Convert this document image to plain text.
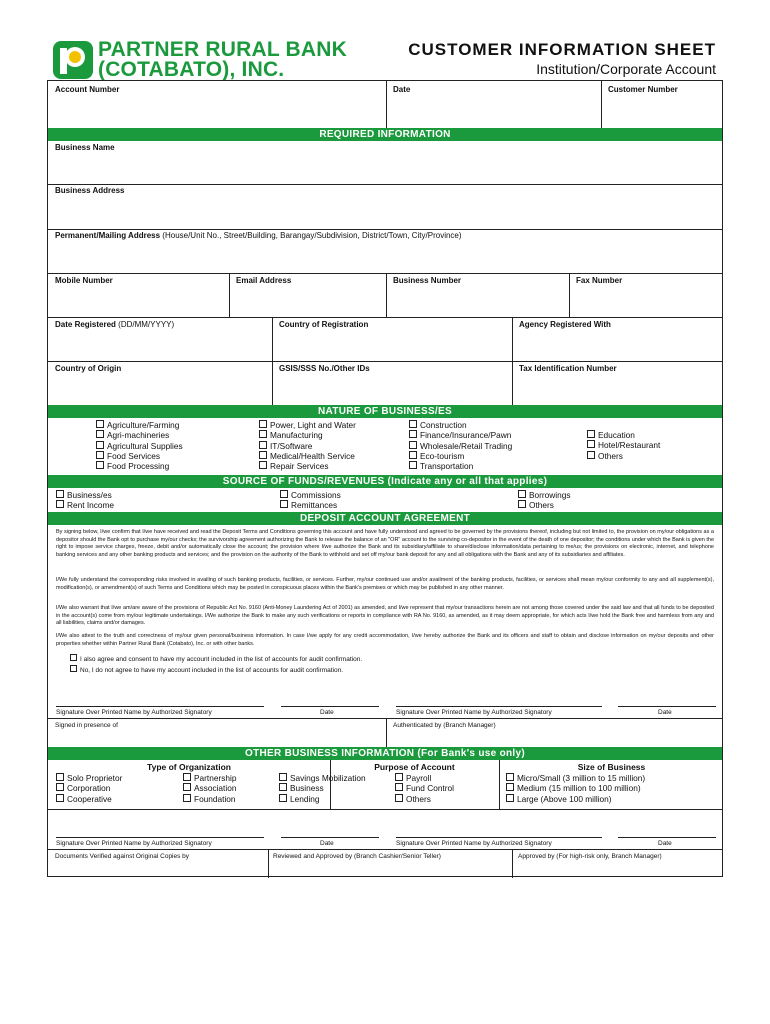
PARTNER RURAL BANK
(COTABATO), INC.
CUSTOMER INFORMATION SHEET
Institution/Corporate Account
Account Number	Date	Customer Number
REQUIRED INFORMATION
Business Name
Business Address
Permanent/Mailing Address (House/Unit No., Street/Building, Barangay/Subdivision, District/Town, City/Province)
Mobile Number	Email Address	Business Number	Fax Number
Date Registered (DD/MM/YYYY)	Country of Registration	Agency Registered With
Country of Origin	GSIS/SSS No./Other IDs	Tax Identification Number
NATURE OF BUSINESS/ES
Agriculture/Farming
Agri-machineries
Agricultural Supplies
Food Services
Food Processing
Power, Light and Water
Manufacturing
IT/Software
Medical/Health Service
Repair Services
Construction
Finance/Insurance/Pawn
Wholesale/Retail Trading
Eco-tourism
Transportation
Education
Hotel/Restaurant
Others
SOURCE OF FUNDS/REVENUES (Indicate any or all that applies)
Business/es
Rent Income
Commissions
Remittances
Borrowings
Others
DEPOSIT ACCOUNT AGREEMENT
By signing below, I/we confirm that I/we have received and read the Deposit Terms and Conditions governing this account and have fully understood and agreed to be governed by the provisions thereof, including but not limited to, the provision on my/our obligations as a depositor should the Bank opt to purchase my/our checks; the survivorship agreement authorizing the Bank to release the balance of an "OR" account to the surviving co-depositor in the event of the death of one depositor; the conditions under which the Bank is given the right to impose service charges, freeze, debit and/or automatically close the account; the provision where I/we authorize the Bank and its subsidiary/affiliate to share/disclose information/data pertaining to me/us; the provisions on electronic, internet, and telephone banking services and any other banking products and services; and the provision on the authority of the Bank to withhold and set off my/our bank deposit for any and all obligations with the Bank and any of its subsidiaries and affiliates.
I/We fully understand the corresponding risks involved in availing of such banking products, facilities, or services. Further, my/our continued use and/or availment of the banking products, facilities, or services shall mean my/our conformity to any and all supplement(s), modification(s), or amendment(s) of such Terms and Conditions which may be posted in conspicuous places within the Bank's premises or which may be published in any other manner.
I/We also warrant that I/we am/are aware of the provisions of Republic Act No. 9160 (Anti-Money Laundering Act of 2001) as amended, and I/we represent that my/our transactions herein are not among those covered under the said law and that all funds to be deposited in the account(s) come from my/our legitimate undertakings. I/We authorize the Bank to make any such verifications or reports in compliance with RA No. 9160, as amended, as it may deem appropriate, for which acts I/we hold the Bank free and harmless from any and all liabilities, claims and/or damages.
I/We also attest to the truth and correctness of my/our given personal/business information. In case I/we apply for any credit accommodation, I/we hereby authorize the Bank and its officers and staff to obtain and disclose information on my/our deposits and other properties whether within Partner Rural Bank (Cotabato), Inc. or with other banks.
I also agree and consent to have my account included in the list of accounts for audit confirmation.
No, I do not agree to have my account included in the list of accounts for audit confirmation.
Signature Over Printed Name by Authorized Signatory	Date	Signature Over Printed Name by Authorized Signatory	Date
Signed in presence of	Authenticated by (Branch Manager)
OTHER BUSINESS INFORMATION (For Bank's use only)
Type of Organization	Purpose of Account	Size of Business
Solo Proprietor
Corporation
Cooperative
Partnership
Association
Foundation
Savings Mobilization
Business
Lending
Payroll
Fund Control
Others
Micro/Small (3 million to 15 million)
Medium (15 million to 100 million)
Large (Above 100 million)
Signature Over Printed Name by Authorized Signatory	Date	Signature Over Printed Name by Authorized Signatory	Date
Documents Verified against Original Copies by	Reviewed and Approved by (Branch Cashier/Senior Teller)	Approved by (For high-risk only, Branch Manager)
